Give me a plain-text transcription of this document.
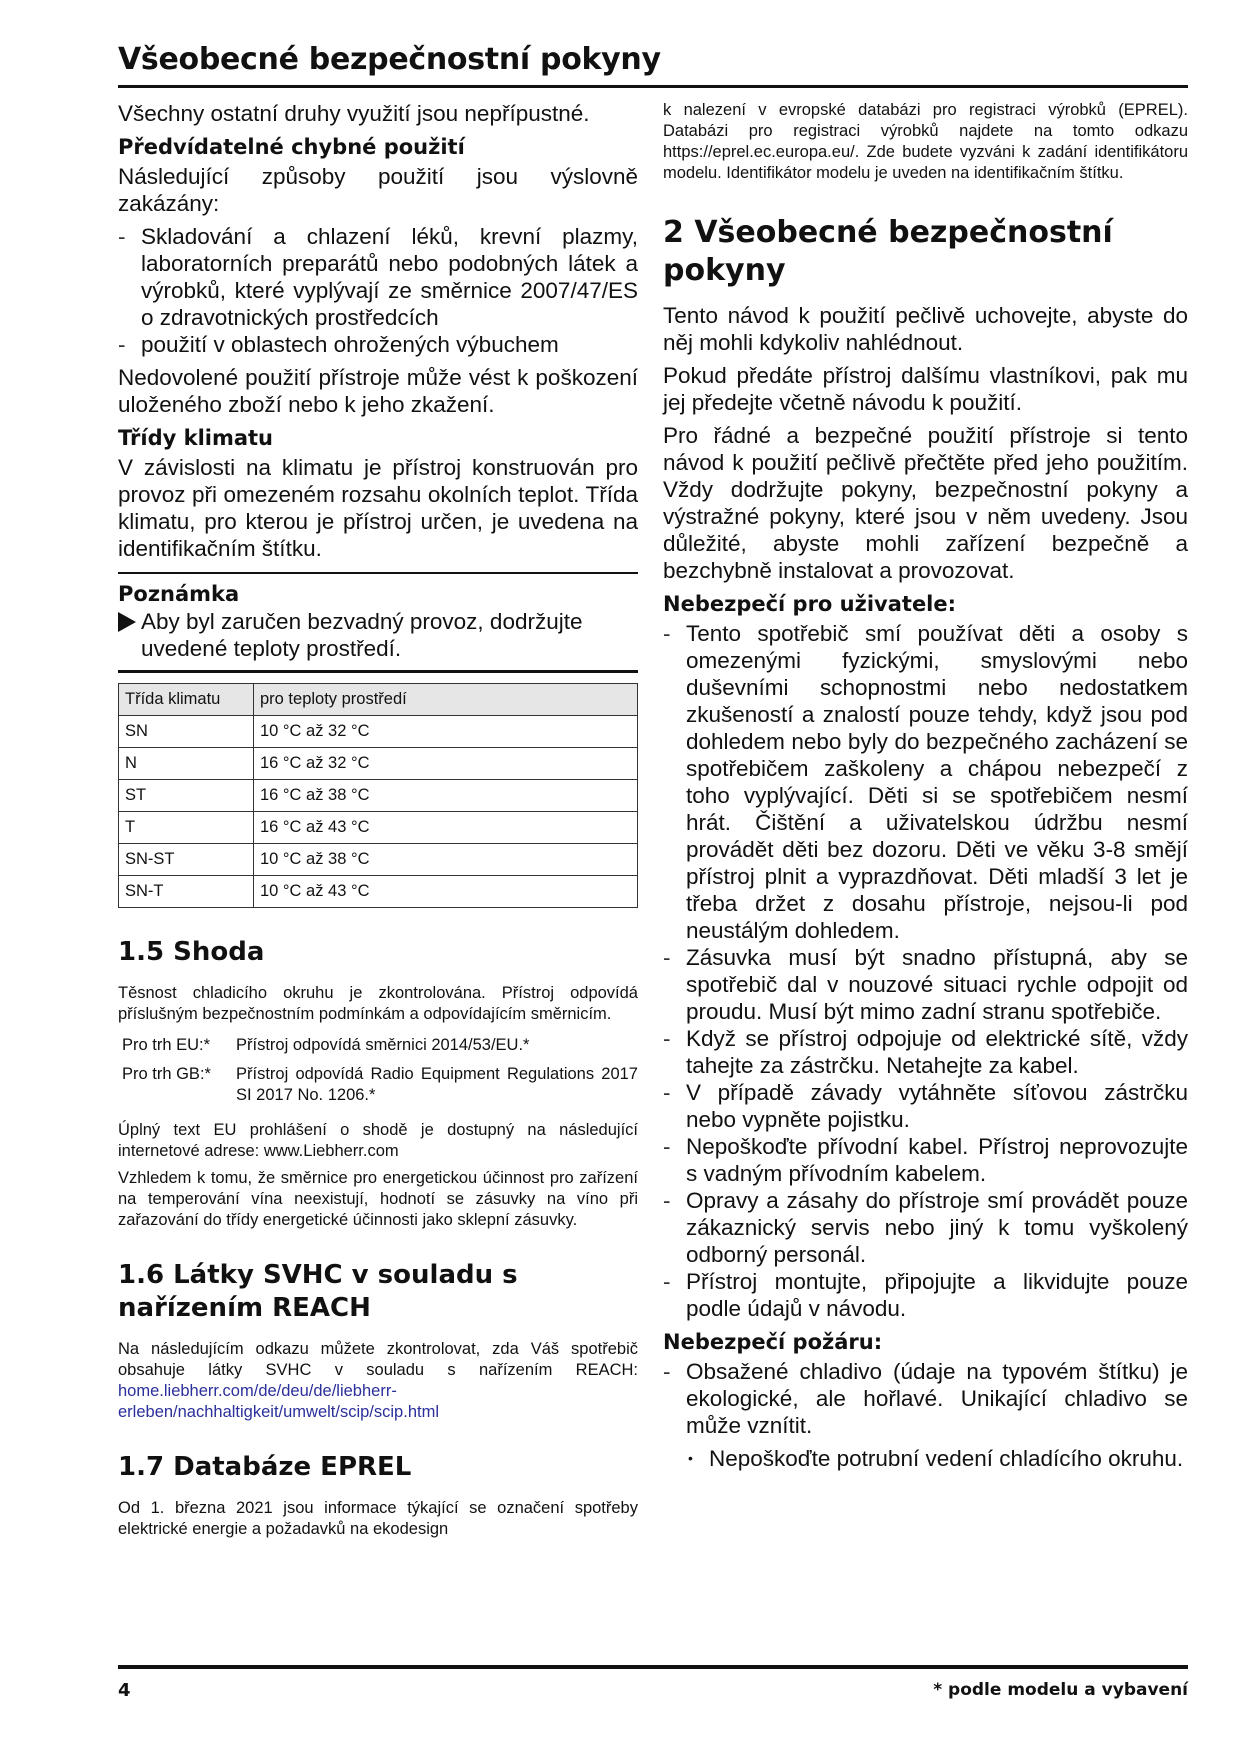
Všeobecné bezpečnostní pokyny

Všechny ostatní druhy využití jsou nepřípustné.

Předvídatelné chybné použití

Následující způsoby použití jsou výslovně zakázány:

- Skladování a chlazení léků, krevní plazmy, laboratorních preparátů nebo podobných látek a výrobků, které vyplývají ze směrnice 2007/47/ES o zdravotnických prostředcích
- použití v oblastech ohrožených výbuchem

Nedovolené použití přístroje může vést k poškození uloženého zboží nebo k jeho zkažení.

Třídy klimatu

V závislosti na klimatu je přístroj konstruován pro provoz při omezeném rozsahu okolních teplot. Třída klimatu, pro kterou je přístroj určen, je uvedena na identifikačním štítku.

Poznámka
Aby byl zaručen bezvadný provoz, dodržujte uvedené teploty prostředí.
Třída klimatu	pro teploty prostředí
SN	10 °C až 32 °C
N	16 °C až 32 °C
ST	16 °C až 38 °C
T	16 °C až 43 °C
SN-ST	10 °C až 38 °C
SN-T	10 °C až 43 °C
1.5 Shoda

Těsnost chladicího okruhu je zkontrolována. Přístroj odpovídá příslušným bezpečnostním podmínkám a odpovídajícím směrnicím.

Pro trh EU:*	Přístroj odpovídá směrnici 2014/53/EU.*
Pro trh GB:*	Přístroj odpovídá Radio Equipment Regulations 2017 SI 2017 No. 1206.*

Úplný text EU prohlášení o shodě je dostupný na následující internetové adrese: www.Liebherr.com

Vzhledem k tomu, že směrnice pro energetickou účinnost pro zařízení na temperování vína neexistují, hodnotí se zásuvky na víno při zařazování do třídy energetické účinnosti jako sklepní zásuvky.

1.6 Látky SVHC v souladu s nařízením REACH

Na následujícím odkazu můžete zkontrolovat, zda Váš spotřebič obsahuje látky SVHC v souladu s nařízením REACH: home.liebherr.com/de/deu/de/liebherr-erleben/nachhaltigkeit/umwelt/scip/scip.html

1.7 Databáze EPREL

Od 1. března 2021 jsou informace týkající se označení spotřeby elektrické energie a požadavků na ekodesign

k nalezení v evropské databázi pro registraci výrobků (EPREL). Databázi pro registraci výrobků najdete na tomto odkazu https://eprel.ec.europa.eu/. Zde budete vyzváni k zadání identifikátoru modelu. Identifikátor modelu je uveden na identifikačním štítku.

2 Všeobecné bezpečnostní pokyny

Tento návod k použití pečlivě uchovejte, abyste do něj mohli kdykoliv nahlédnout.

Pokud předáte přístroj dalšímu vlastníkovi, pak mu jej předejte včetně návodu k použití.

Pro řádné a bezpečné použití přístroje si tento návod k použití pečlivě přečtěte před jeho použitím. Vždy dodržujte pokyny, bezpečnostní pokyny a výstražné pokyny, které jsou v něm uvedeny. Jsou důležité, abyste mohli zařízení bezpečně a bezchybně instalovat a provozovat.

Nebezpečí pro uživatele:
- Tento spotřebič smí používat děti a osoby s omezenými fyzickými, smyslovými nebo duševními schopnostmi nebo nedostatkem zkušeností a znalostí pouze tehdy, když jsou pod dohledem nebo byly do bezpečného zacházení se spotřebičem zaškoleny a chápou nebezpečí z toho vyplývající. Děti si se spotřebičem nesmí hrát. Čištění a uživatelskou údržbu nesmí provádět děti bez dozoru. Děti ve věku 3-8 smějí přístroj plnit a vyprazdňovat. Děti mladší 3 let je třeba držet z dosahu přístroje, nejsou-li pod neustálým dohledem.
- Zásuvka musí být snadno přístupná, aby se spotřebič dal v nouzové situaci rychle odpojit od proudu. Musí být mimo zadní stranu spotřebiče.
- Když se přístroj odpojuje od elektrické sítě, vždy tahejte za zástrčku. Netahejte za kabel.
- V případě závady vytáhněte síťovou zástrčku nebo vypněte pojistku.
- Nepoškoďte přívodní kabel. Přístroj neprovozujte s vadným přívodním kabelem.
- Opravy a zásahy do přístroje smí provádět pouze zákaznický servis nebo jiný k tomu vyškolený odborný personál.
- Přístroj montujte, připojujte a likvidujte pouze podle údajů v návodu.
Nebezpečí požáru:
- Obsažené chladivo (údaje na typovém štítku) je ekologické, ale hořlavé. Unikající chladivo se může vznítit.
• Nepoškoďte potrubní vedení chladícího okruhu.
4	* podle modelu a vybavení
